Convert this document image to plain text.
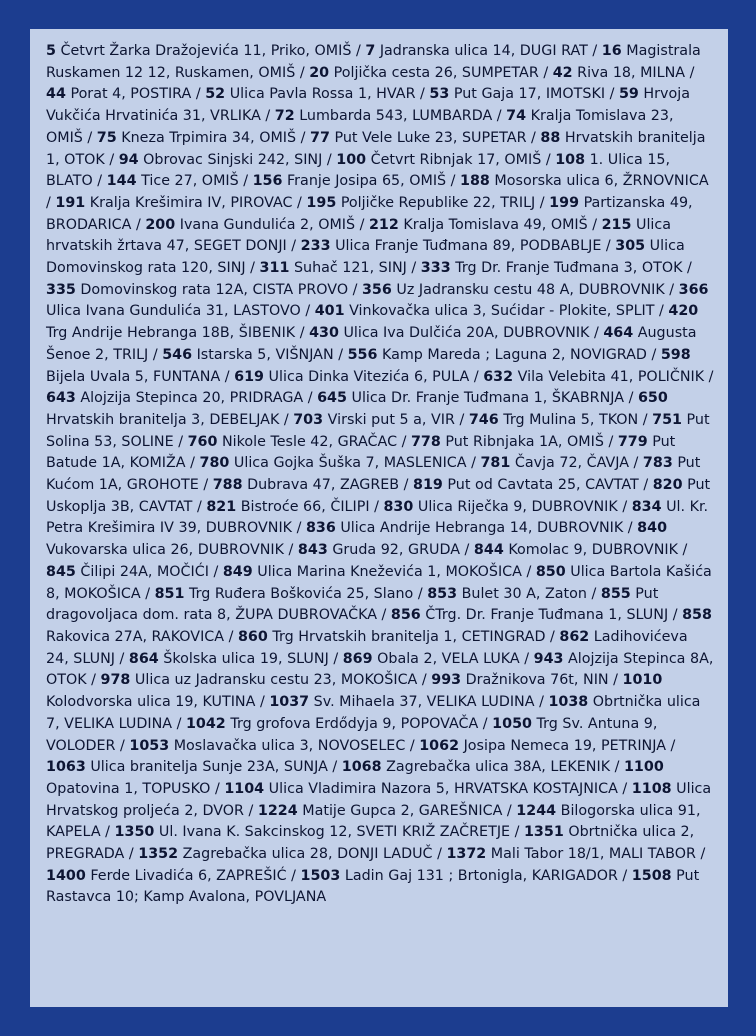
5 Četvrt Žarka Dražojevića 11, Priko, OMIŠ / 7 Jadranska ulica 14, DUGI RAT / 16 Magistrala Ruskamen 12 12, Ruskamen, OMIŠ / 20 Poljička cesta 26, SUMPETAR / 42 Riva 18, MILNA / 44 Porat 4, POSTIRA / 52 Ulica Pavla Rossa 1, HVAR / 53 Put Gaja 17, IMOTSKI / 59 Hrvoja Vukčića Hrvatinića 31, VRLIKA / 72 Lumbarda 543, LUMBARDA / 74 Kralja Tomislava 23, OMIŠ / 75 Kneza Trpimira 34, OMIŠ / 77 Put Vele Luke 23, SUPETAR / 88 Hrvatskih branitelja 1, OTOK / 94 Obrovac Sinjski 242, SINJ / 100 Četvrt Ribnjak 17, OMIŠ / 108 1. Ulica 15, BLATO / 144 Tice 27, OMIŠ / 156 Franje Josipa 65, OMIŠ / 188 Mosorska ulica 6, ŽRNOVNICA / 191 Kralja Krešimira IV, PIROVAC / 195 Poljičke Republike 22, TRILJ / 199 Partizanska 49, BRODARICA / 200 Ivana Gundulića 2, OMIŠ / 212 Kralja Tomislava 49, OMIŠ / 215 Ulica hrvatskih žrtava 47, SEGET DONJI / 233 Ulica Franje Tuđmana 89, PODBABLJE / 305 Ulica Domovinskog rata 120, SINJ / 311 Suhač 121, SINJ / 333 Trg Dr. Franje Tuđmana 3, OTOK / 335 Domovinskog rata 12A, CISTA PROVO / 356 Uz Jadransku cestu 48 A, DUBROVNIK / 366 Ulica Ivana Gundulića 31, LASTOVO / 401 Vinkovačka ulica 3, Sućidar - Plokite, SPLIT / 420 Trg Andrije Hebranga 18B, ŠIBENIK / 430 Ulica Iva Dulčića 20A, DUBROVNIK / 464 Augusta Šenoe 2, TRILJ / 546 Istarska 5, VIŠNJAN / 556 Kamp Mareda ; Laguna 2, NOVIGRAD / 598 Bijela Uvala 5, FUNTANA / 619 Ulica Dinka Vitezića 6, PULA / 632 Vila Velebita 41, POLIČNIK / 643 Alojzija Stepinca 20, PRIDRAGA / 645 Ulica Dr. Franje Tuđmana 1, ŠKABRNJA / 650 Hrvatskih branitelja 3, DEBELJAK / 703 Virski put 5 a, VIR / 746 Trg Mulina 5, TKON / 751 Put Solina 53, SOLINE / 760 Nikole Tesle 42, GRAČAC / 778 Put Ribnjaka 1A, OMIŠ / 779 Put Batude 1A, KOMIŽA / 780 Ulica Gojka Šuška 7, MASLENICA / 781 Čavja 72, ČAVJA / 783 Put Kućom 1A, GROHOTE / 788 Dubrava 47, ZAGREB / 819 Put od Cavtata 25, CAVTAT / 820 Put Uskoplja 3B, CAVTAT / 821 Bistroće 66, ČILIPI / 830 Ulica Riječka 9, DUBROVNIK / 834 Ul. Kr. Petra Krešimira IV 39, DUBROVNIK / 836 Ulica Andrije Hebranga 14, DUBROVNIK / 840 Vukovarska ulica 26, DUBROVNIK / 843 Gruda 92, GRUDA / 844 Komolac 9, DUBROVNIK / 845 Čilipi 24A, MOČIĆI / 849 Ulica Marina Kneževića 1, MOKOŠICA / 850 Ulica Bartola Kašića 8, MOKOŠICA / 851 Trg Ruđera Boškovića 25, Slano / 853 Bulet 30 A, Zaton / 855 Put dragovoljaca dom. rata 8, ŽUPA DUBROVAČKA / 856 ČTrg. Dr. Franje Tuđmana 1, SLUNJ / 858 Rakovica 27A, RAKOVICA / 860 Trg Hrvatskih branitelja 1, CETINGRAD / 862 Ladihovićeva 24, SLUNJ / 864 Školska ulica 19, SLUNJ / 869 Obala 2, VELA LUKA / 943 Alojzija Stepinca 8A, OTOK / 978 Ulica uz Jadransku cestu 23, MOKOŠICA / 993 Dražnikova 76t, NIN / 1010 Kolodvorska ulica 19, KUTINA / 1037 Sv. Mihaela 37, VELIKA LUDINA / 1038 Obrtnička ulica 7, VELIKA LUDINA / 1042 Trg grofova Erdődyja 9, POPOVAČA / 1050 Trg Sv. Antuna 9, VOLODER / 1053 Moslavačka ulica 3, NOVOSELEC / 1062 Josipa Nemeca 19, PETRINJA / 1063 Ulica branitelja Sunje 23A, SUNJA / 1068 Zagrebačka ulica 38A, LEKENIK / 1100 Opatovina 1, TOPUSKO / 1104 Ulica Vladimira Nazora 5, HRVATSKA KOSTAJNICA / 1108 Ulica Hrvatskog proljeća 2, DVOR / 1224 Matije Gupca 2, GAREŠNICA / 1244 Bilogorska ulica 91, KAPELA / 1350 Ul. Ivana K. Sakcinskog 12, SVETI KRIŽ ZAČRETJE / 1351 Obrtnička ulica 2, PREGRADA / 1352 Zagrebačka ulica 28, DONJI LADUČ / 1372 Mali Tabor 18/1, MALI TABOR / 1400 Ferde Livadića 6, ZAPREŠIĆ / 1503 Ladin Gaj 131 ; Brtonigla, KARIGADOR / 1508 Put Rastavca 10; Kamp Avalona, POVLJANA
